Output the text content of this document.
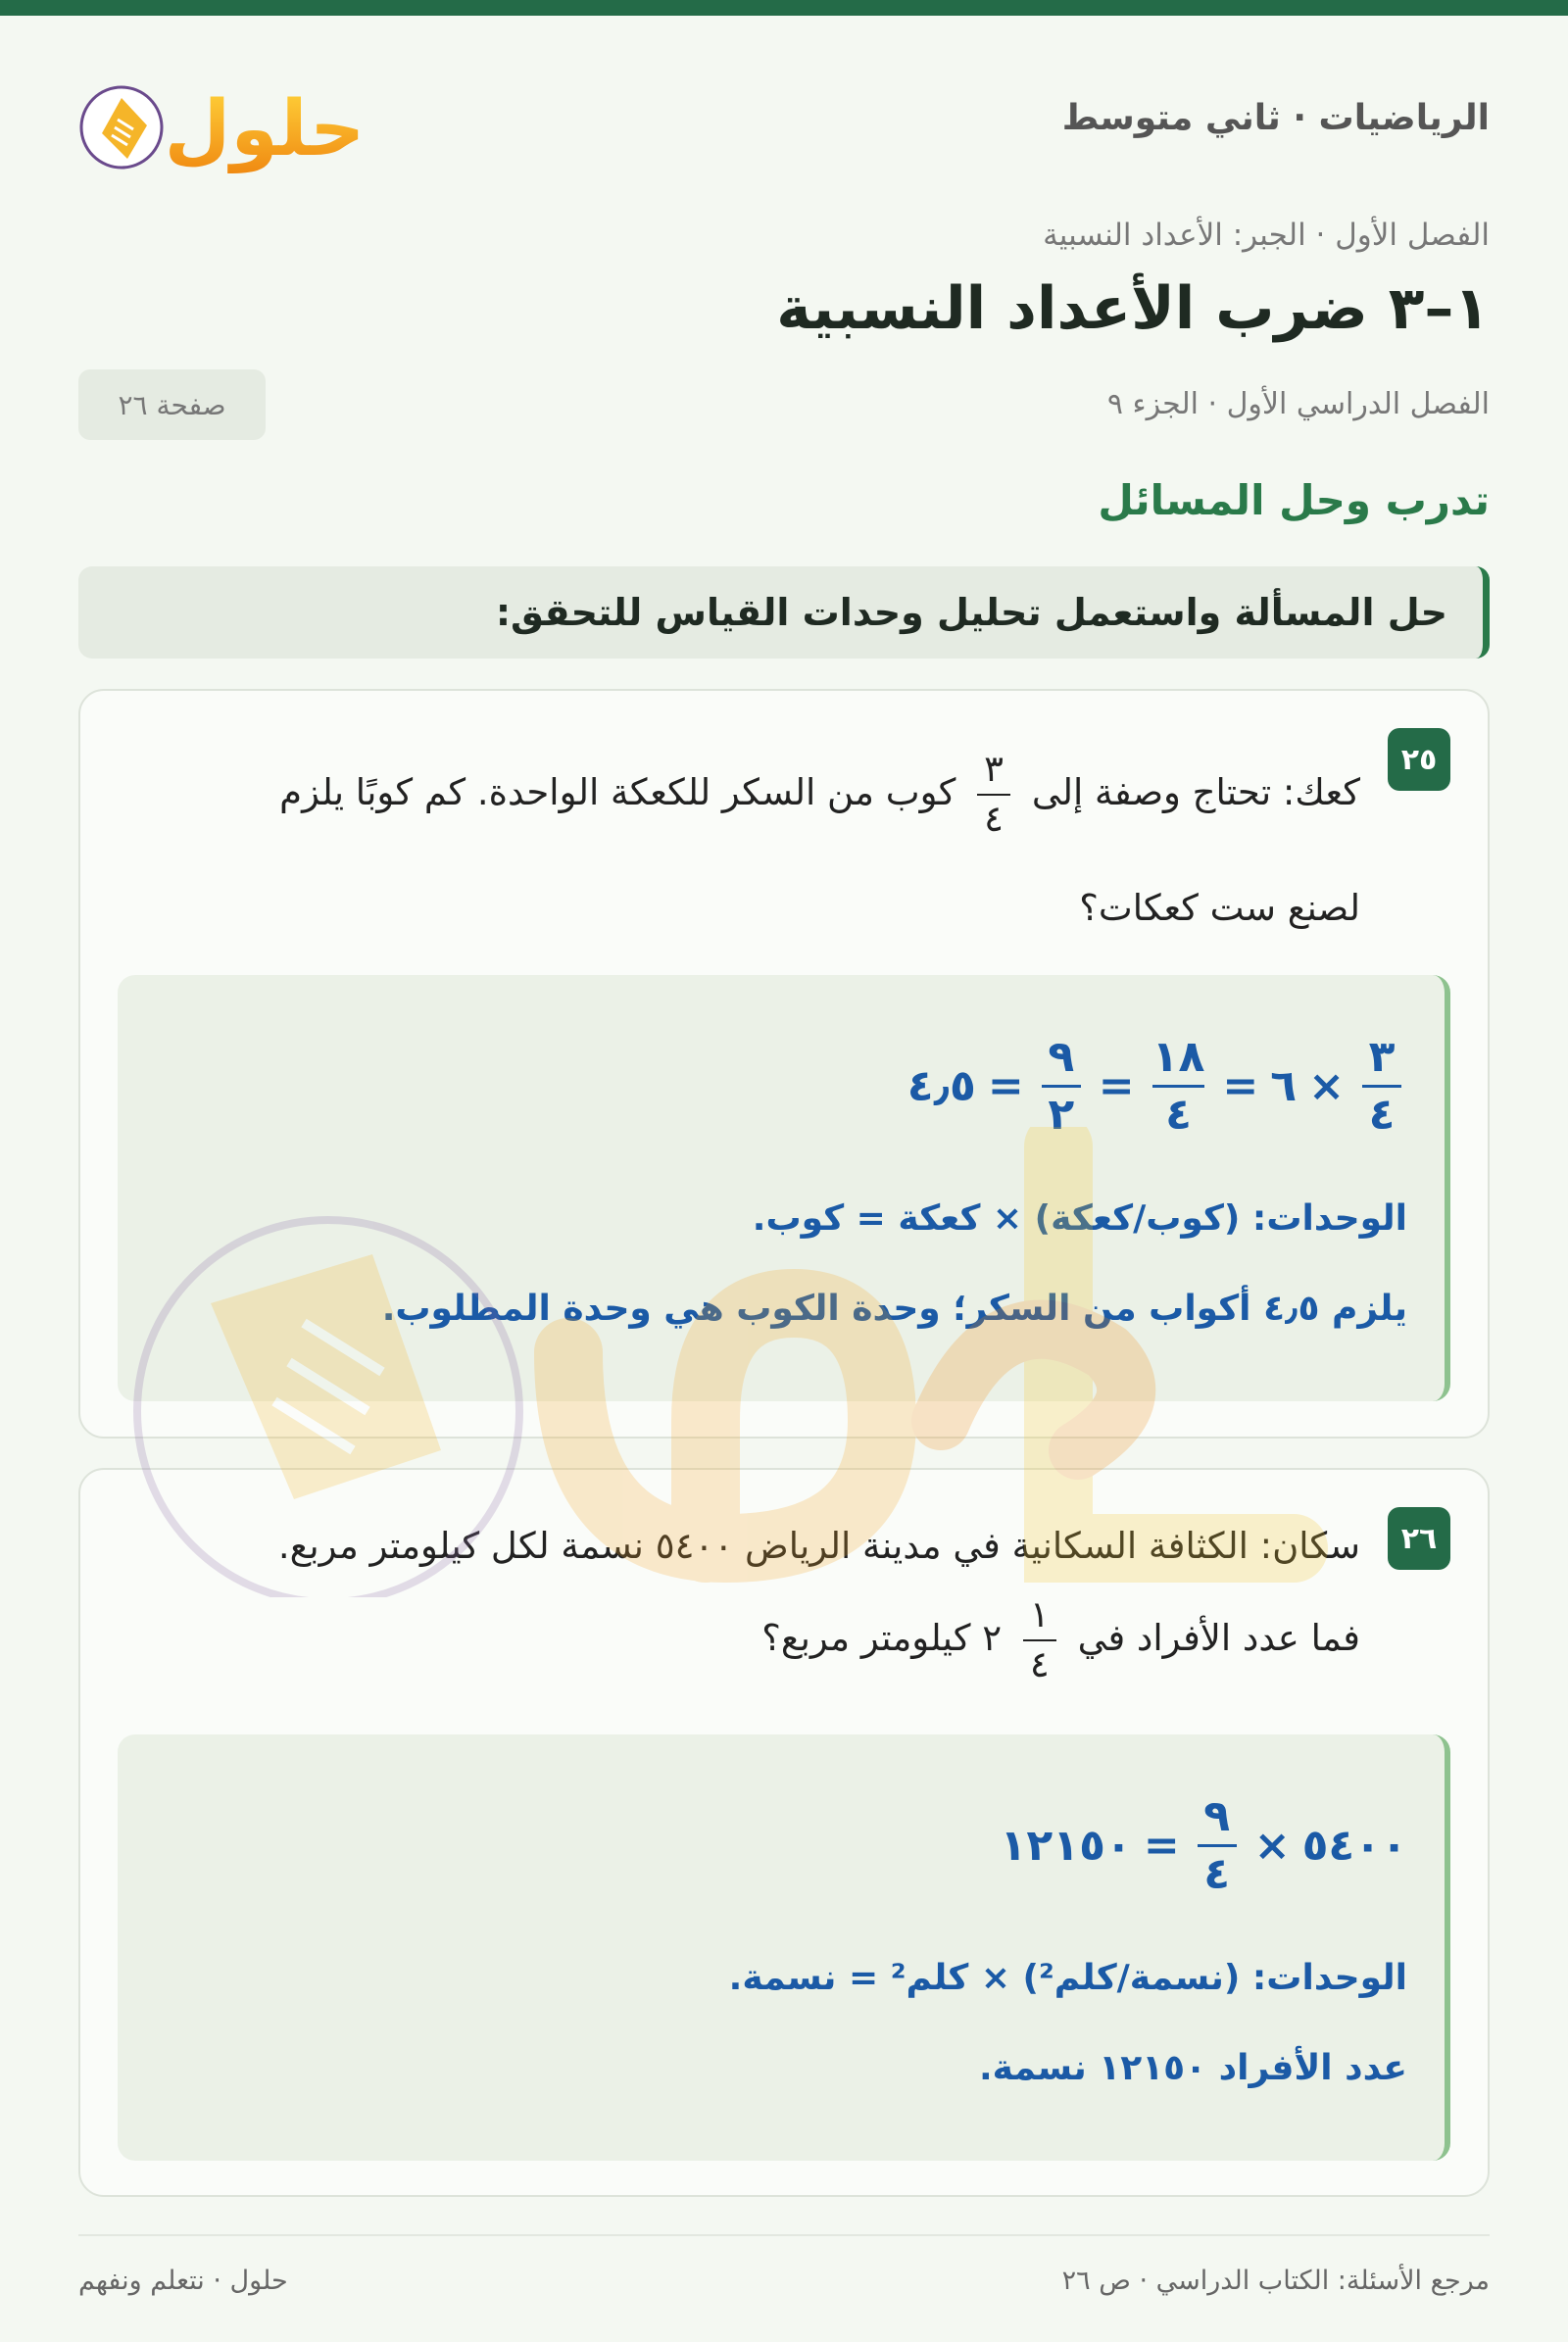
الرياضيات · ثاني متوسط
حلول
الفصل الأول · الجبر: الأعداد النسبية
١–٣ ضرب الأعداد النسبية
الفصل الدراسي الأول · الجزء ٩
صفحة ٢٦
تدرب وحل المسائل
حل المسألة واستعمل تحليل وحدات القياس للتحقق:
٢٥
كعك: تحتاج وصفة إلى
$\frac{٣}{٤}$
كوب من السكر للكعكة الواحدة. كم كوبًا يلزم
لصنع ست كعكات؟
$\frac{٣}{٤}$
×
٦
=
$\frac{١٨}{٤}$
=
$\frac{٩}{٢}$
=
٤٫٥
الوحدات: (كوب/كعكة) × كعكة = كوب.
يلزم ٤٫٥ أكواب من السكر؛ وحدة الكوب هي وحدة المطلوب.
٢٦
سكان: الكثافة السكانية في مدينة الرياض ٥٤٠٠ نسمة لكل كيلومتر مربع.
فما عدد الأفراد في
$\frac{١}{٤}$
٢ كيلومتر مربع؟
٥٤٠٠
×
$\frac{٩}{٤}$
=
١٢١٥٠
الوحدات: (نسمة/كلم²) × كلم² = نسمة.
عدد الأفراد ١٢١٥٠ نسمة.
مرجع الأسئلة: الكتاب الدراسي · ص ٢٦
حلول · نتعلم ونفهم
